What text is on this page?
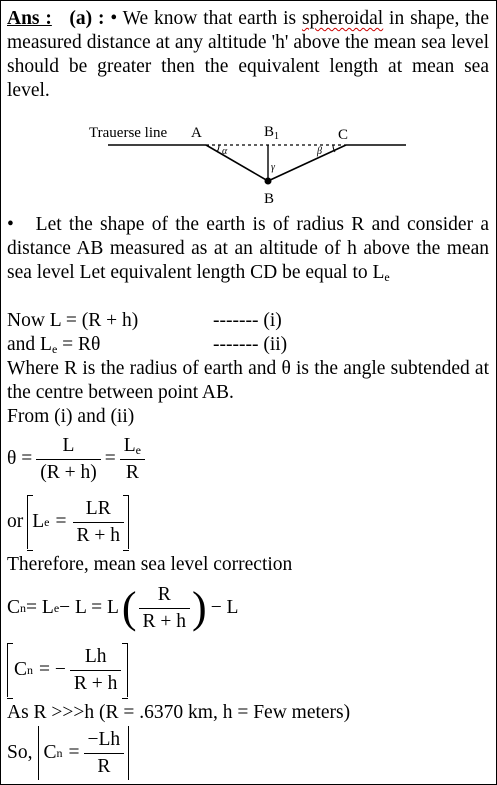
Ans : (a) : • We know that earth is spheroidal in shape, the measured distance at any altitude 'h' above the mean sea level should be greater then the equivalent length at mean sea level.
Trauerse line A	$B_1$	C
α
γ
β
B
• Let the shape of the earth is of radius R and consider a distance AB measured as at an altitude of h above the mean sea level Let equivalent length CD be equal to $L_e$
Now L = (R + h)	------- (i)
and $L_e = R\theta$	------- (ii)
Where R is the radius of earth and θ is the angle subtended at the centre between point AB.
From (i) and (ii)
$\theta = \frac{L}{(R + h)} = \frac{L_e}{R}$
or L $e = \frac{LR}{R + h}$
Therefore, mean sea level correction
C n = L e − L = L ( $\frac{R}{R + h}$ ) − L
C n = − $\frac{Lh}{R + h}$
As R >>>h (R = .6370 km, h = Few meters)
So, C $n = \frac{-Lh}{R}$
